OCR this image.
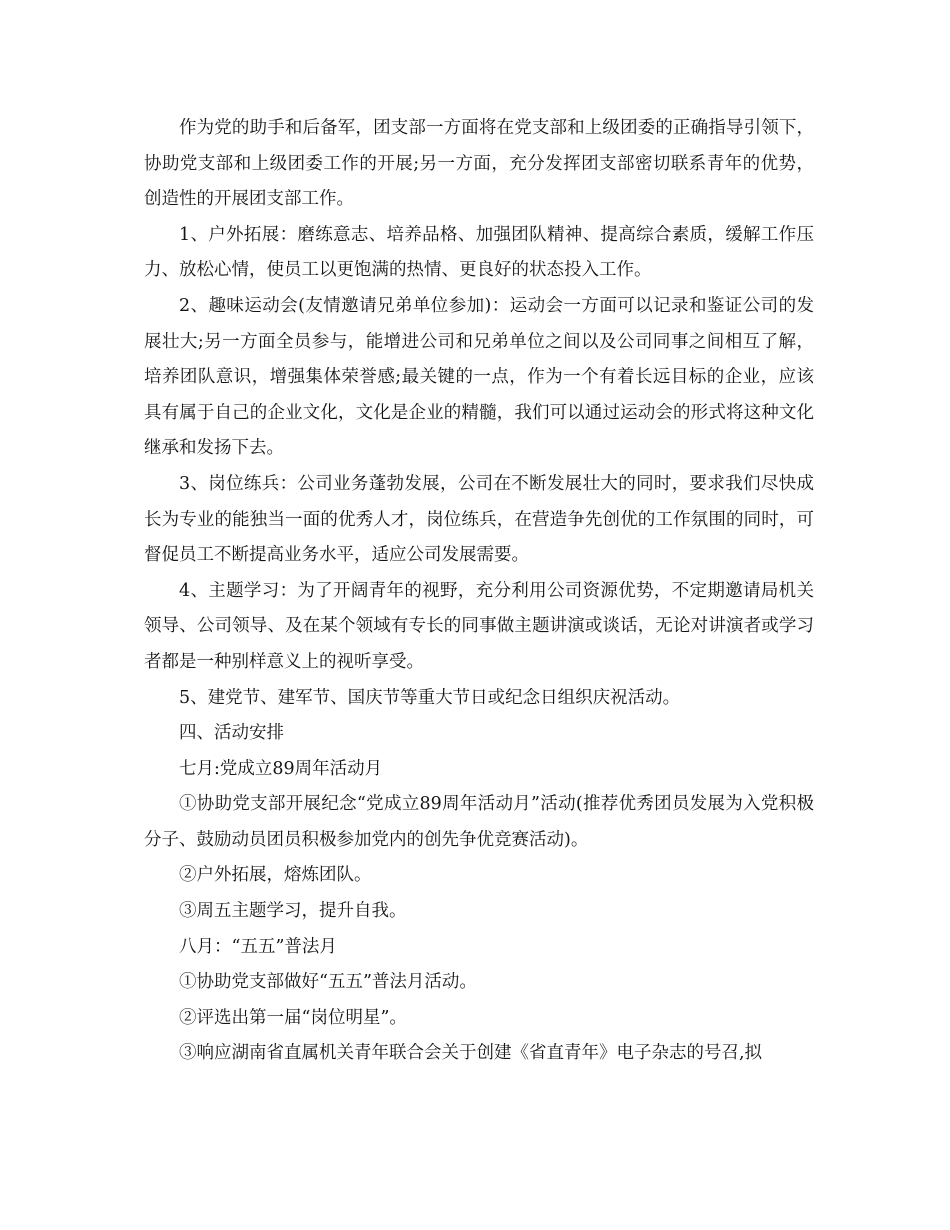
作为党的助手和后备军，团支部一方面将在党支部和上级团委的正确指导引领下，协助党支部和上级团委工作的开展;另一方面，充分发挥团支部密切联系青年的优势，创造性的开展团支部工作。

1、户外拓展：磨练意志、培养品格、加强团队精神、提高综合素质，缓解工作压力、放松心情，使员工以更饱满的热情、更良好的状态投入工作。

2、趣味运动会(友情邀请兄弟单位参加)：运动会一方面可以记录和鉴证公司的发展壮大;另一方面全员参与，能增进公司和兄弟单位之间以及公司同事之间相互了解，培养团队意识，增强集体荣誉感;最关键的一点，作为一个有着长远目标的企业，应该具有属于自己的企业文化，文化是企业的精髓，我们可以通过运动会的形式将这种文化继承和发扬下去。

3、岗位练兵：公司业务蓬勃发展，公司在不断发展壮大的同时，要求我们尽快成长为专业的能独当一面的优秀人才，岗位练兵，在营造争先创优的工作氛围的同时，可督促员工不断提高业务水平，适应公司发展需要。

4、主题学习：为了开阔青年的视野，充分利用公司资源优势，不定期邀请局机关领导、公司领导、及在某个领域有专长的同事做主题讲演或谈话，无论对讲演者或学习者都是一种别样意义上的视听享受。

5、建党节、建军节、国庆节等重大节日或纪念日组织庆祝活动。

四、活动安排

七月:党成立89周年活动月

①协助党支部开展纪念“党成立89周年活动月”活动(推荐优秀团员发展为入党积极分子、鼓励动员团员积极参加党内的创先争优竞赛活动)。

②户外拓展，熔炼团队。

③周五主题学习，提升自我。

八月：“五五”普法月

①协助党支部做好“五五”普法月活动。

②评选出第一届“岗位明星”。

③响应湖南省直属机关青年联合会关于创建《省直青年》电子杂志的号召,拟
